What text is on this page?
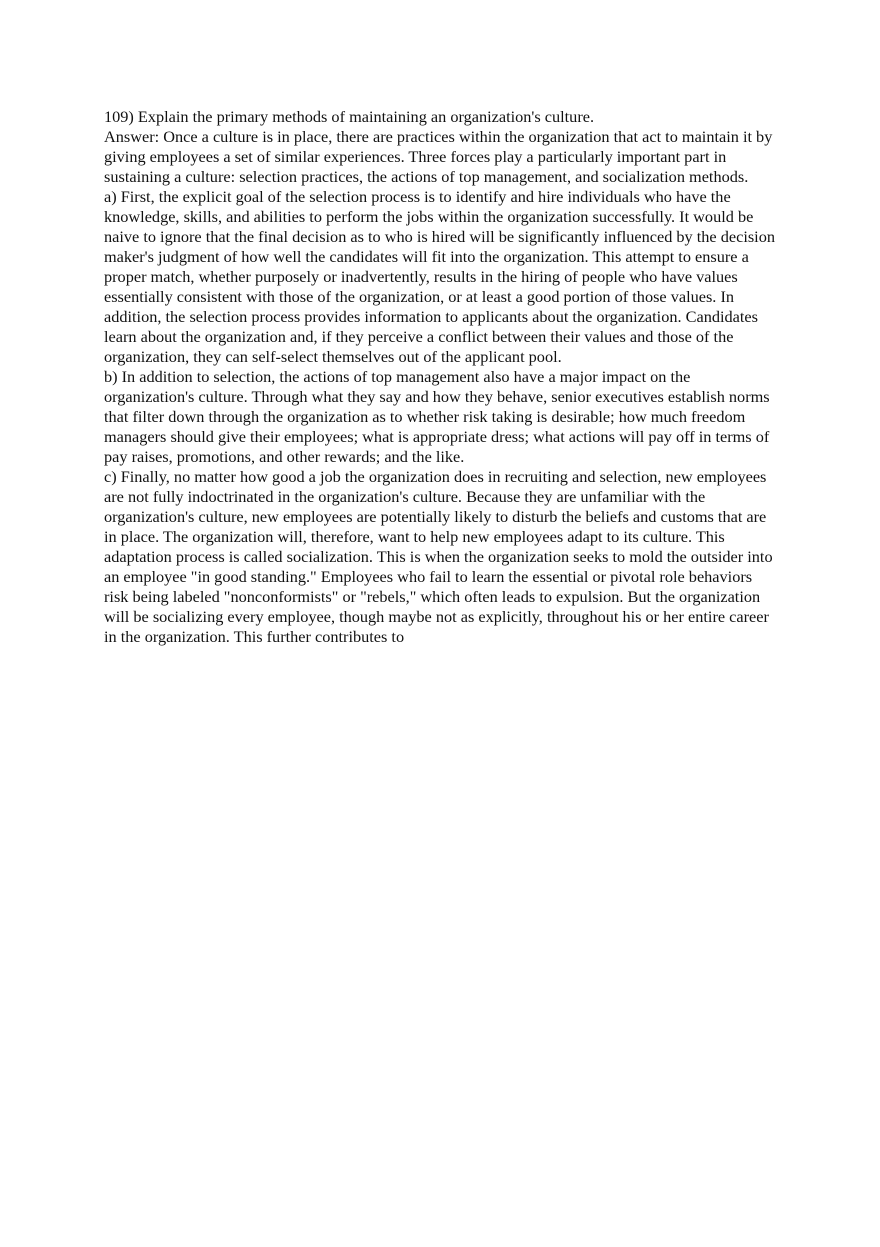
109) Explain the primary methods of maintaining an organization's culture.

Answer: Once a culture is in place, there are practices within the organization that act to maintain it by giving employees a set of similar experiences. Three forces play a particularly important part in sustaining a culture: selection practices, the actions of top management, and socialization methods.

a) First, the explicit goal of the selection process is to identify and hire individuals who have the knowledge, skills, and abilities to perform the jobs within the organization successfully. It would be naive to ignore that the final decision as to who is hired will be significantly influenced by the decision maker's judgment of how well the candidates will fit into the organization. This attempt to ensure a proper match, whether purposely or inadvertently, results in the hiring of people who have values essentially consistent with those of the organization, or at least a good portion of those values. In addition, the selection process provides information to applicants about the organization. Candidates learn about the organization and, if they perceive a conflict between their values and those of the organization, they can self-select themselves out of the applicant pool.

b) In addition to selection, the actions of top management also have a major impact on the organization's culture. Through what they say and how they behave, senior executives establish norms that filter down through the organization as to whether risk taking is desirable; how much freedom managers should give their employees; what is appropriate dress; what actions will pay off in terms of pay raises, promotions, and other rewards; and the like.

c) Finally, no matter how good a job the organization does in recruiting and selection, new employees are not fully indoctrinated in the organization's culture. Because they are unfamiliar with the organization's culture, new employees are potentially likely to disturb the beliefs and customs that are in place. The organization will, therefore, want to help new employees adapt to its culture. This adaptation process is called socialization. This is when the organization seeks to mold the outsider into an employee "in good standing." Employees who fail to learn the essential or pivotal role behaviors risk being labeled "nonconformists" or "rebels," which often leads to expulsion. But the organization will be socializing every employee, though maybe not as explicitly, throughout his or her entire career in the organization. This further contributes to
